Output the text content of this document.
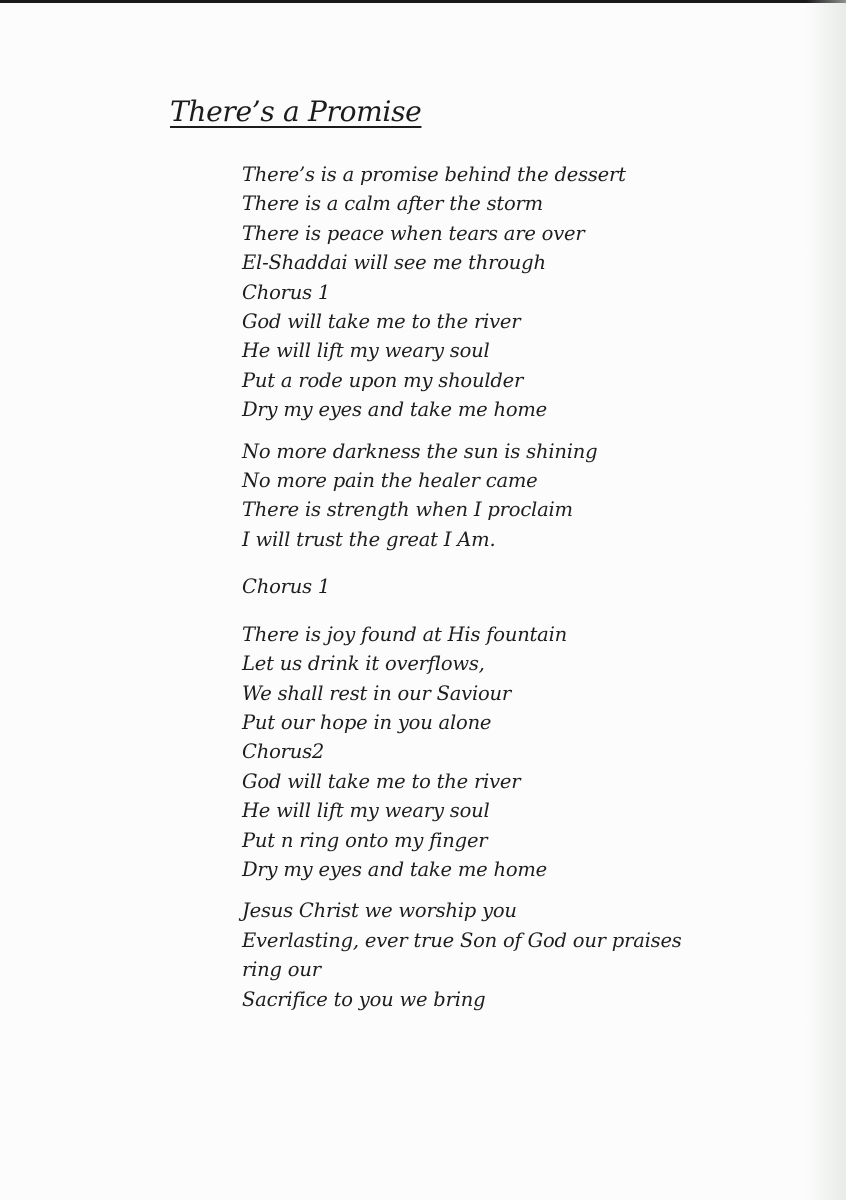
There’s a Promise
There’s is a promise behind the dessert
There is a calm after the storm
There is peace when tears are over
El-Shaddai will see me through
Chorus 1
God will take me to the river
He will lift my weary soul
Put a rode upon my shoulder
Dry my eyes and take me home
No more darkness the sun is shining
No more pain the healer came
There is strength when I proclaim
I will trust the great I Am.
Chorus 1
There is joy found at His fountain
Let us drink it overflows,
We shall rest in our Saviour
Put our hope in you alone
Chorus2
God will take me to the river
He will lift my weary soul
Put n ring onto my finger
Dry my eyes and take me home
Jesus Christ we worship you
Everlasting, ever true Son of God our praises
ring our
Sacrifice to you we bring
